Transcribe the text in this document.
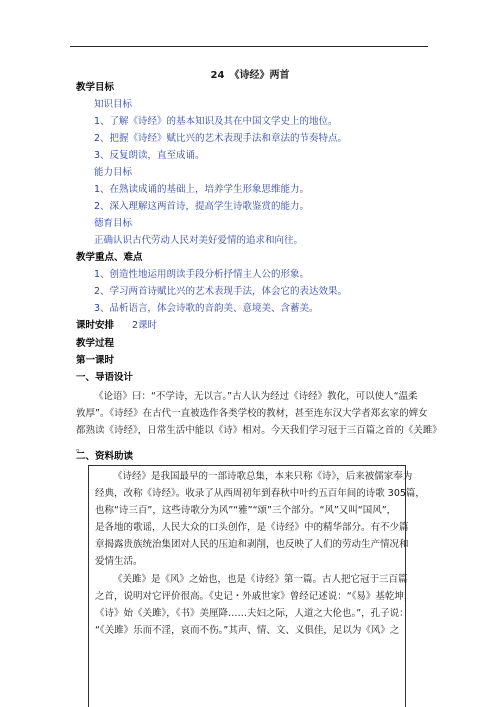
24　《诗经》两首
教学目标
知识目标
1、了解《诗经》的基本知识及其在中国文学史上的地位。
2、把握《诗经》赋比兴的艺术表现手法和章法的节奏特点。
3、反复朗读，直至成诵。
能力目标
1、在熟读成诵的基础上，培养学生形象思维能力。
2、深入理解这两首诗，提高学生诗歌鉴赏的能力。
德育目标
正确认识古代劳动人民对美好爱情的追求和向往。
教学重点、难点
1、创造性地运用朗读手段分析抒情主人公的形象。
2、学习两首诗赋比兴的艺术表现手法，体会它的表达效果。
3、品析语言，体会诗歌的音韵美、意境美、含蓄美。
课时安排 2课时
教学过程
第一课时
一、导语设计
《论语》曰：“不学诗，无以言。”古人认为经过《诗经》教化，可以使人“温柔
敦厚”。《诗经》在古代一直被选作各类学校的教材，甚至连东汉大学者郑玄家的婢女
都熟读《诗经》，日常生活中能以《诗》相对。今天我们学习冠于三百篇之首的《关雎》
。
二、资料助读
《诗经》是我国最早的一部诗歌总集，本来只称《诗》，后来被儒家奉为
经典，改称《诗经》。收录了从西周初年到春秋中叶约五百年间的诗歌 305篇，
也称“诗三百”，这些诗歌分为风”“雅”“颂”三个部分。“风”又叫“国风”，
是各地的歌谣，人民大众的口头创作，是《诗经》中的精华部分。有不少篇
章揭露贵族统治集团对人民的压迫和剥削，也反映了人们的劳动生产情况和
爱情生活。
《关雎》是《风》之始也，也是《诗经》第一篇。古人把它冠于三百篇
之首，说明对它评价很高。《史记・外戚世家》曾经记述说：“《易》基乾坤，
《诗》始《关雎》，《书》美厘降……夫妇之际，人道之大伦也。”，孔子说：
“《关雎》乐而不淫，哀而不伤。”其声、情、文、义俱佳，足以为《风》之
